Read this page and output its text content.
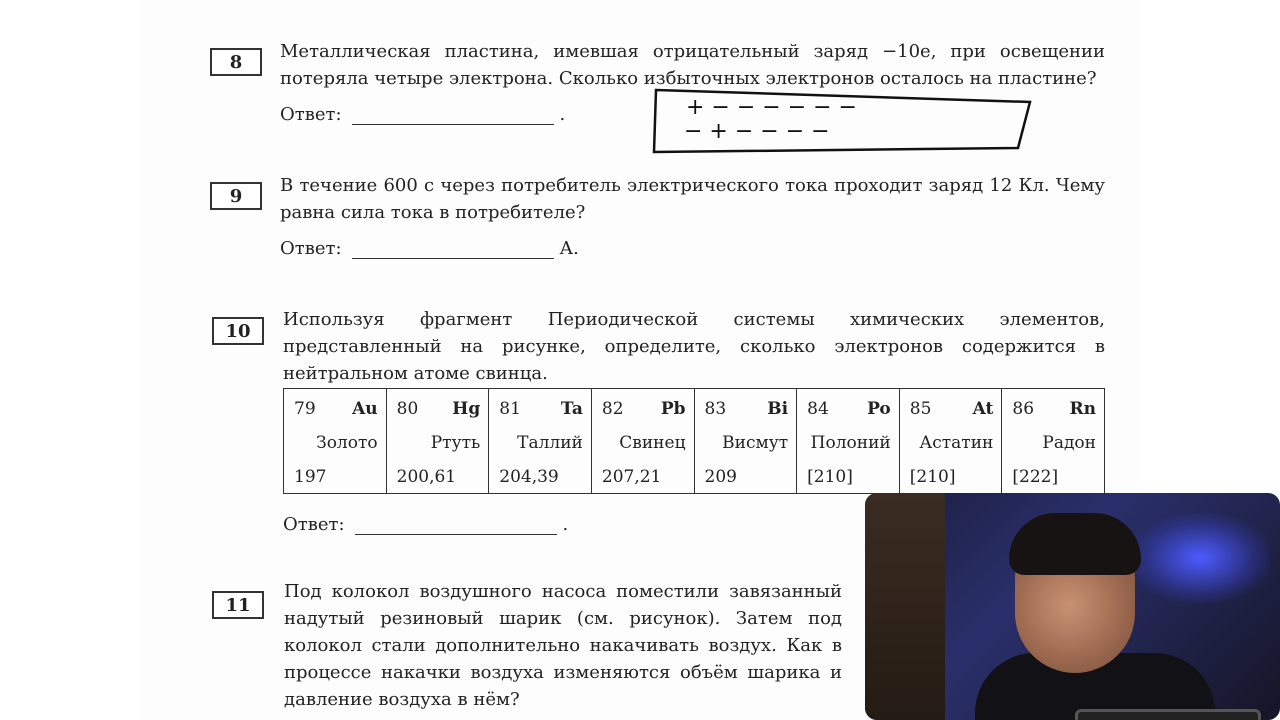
8 Металлическая пластина, имевшая отрицательный заряд −10e, при освещении потеряла четыре электрона. Сколько избыточных электронов осталось на пластине?
Ответ:	.	+ − − − − − −
− + − − − −
9 В течение 600 с через потребитель электрического тока проходит заряд 12 Кл. Чему равна сила тока в потребителе?
Ответ:	А.
10
Используя фрагмент Периодической системы химических элементов, представленный на рисунке, определите, сколько электронов содержится в нейтральном атоме свинца.
79 Au
Золото
197

80 Hg
Ртуть
200,61

81 Ta
Таллий
204,39

82 Pb
Свинец
207,21

83 Bi
Висмут
209

84 Po
Полоний
[210]

85 At
Астатин
[210]

86 Rn
Радон
[222]
Ответ:	.
11
Под колокол воздушного насоса поместили завязанный надутый резиновый шарик (см. рисунок). Затем под колокол стали дополнительно накачивать воздух. Как в процессе накачки воздуха изменяются объём шарика и давление воздуха в нём?
